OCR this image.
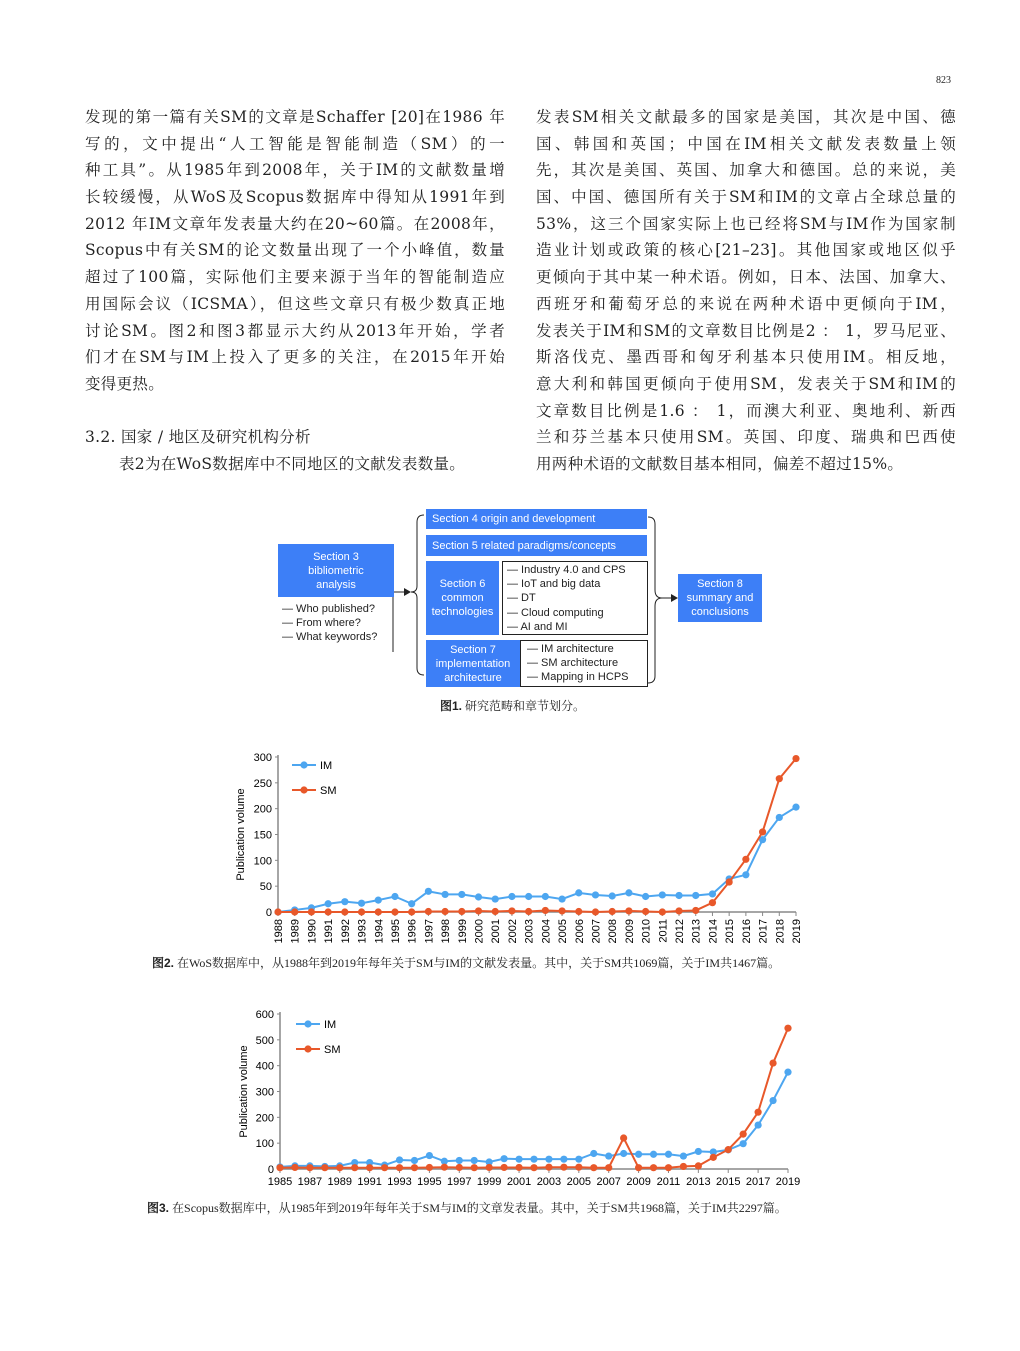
823
发现的第一篇有关SM的文章是Schaffer [20]在1986 年
写的，文中提出“人工智能是智能制造（SM）的一
种工具”。从1985年到2008年，关于IM的文献数量增
长较缓慢，从WoS及Scopus数据库中得知从1991年到
2012 年IM文章年发表量大约在20~60篇。在2008年，
Scopus中有关SM的论文数量出现了一个小峰值，数量
超过了100篇，实际他们主要来源于当年的智能制造应
用国际会议（ICSMA），但这些文章只有极少数真正地
讨论SM。图2和图3都显示大约从2013年开始，学者
们才在SM与IM上投入了更多的关注，在2015年开始
变得更热。
3.2. 国家 / 地区及研究机构分析
表2为在WoS数据库中不同地区的文献发表数量。
发表SM相关文献最多的国家是美国，其次是中国、德
国、韩国和英国；中国在IM相关文献发表数量上领
先，其次是美国、英国、加拿大和德国。总的来说，美
国、中国、德国所有关于SM和IM的文章占全球总量的
53%，这三个国家实际上也已经将SM与IM作为国家制
造业计划或政策的核心[21–23]。其他国家或地区似乎
更倾向于其中某一种术语。例如，日本、法国、加拿大、
西班牙和葡萄牙总的来说在两种术语中更倾向于IM，
发表关于IM和SM的文章数目比例是2 ： 1，罗马尼亚、
斯洛伐克、墨西哥和匈牙利基本只使用IM。相反地，
意大利和韩国更倾向于使用SM，发表关于SM和IM的
文章数目比例是1.6 ： 1，而澳大利亚、奥地利、新西
兰和芬兰基本只使用SM。英国、印度、瑞典和巴西使
用两种术语的文献数目基本相同，偏差不超过15%。
Section 3
bibliometric
analysis
— Who published?
— From where?
— What keywords?
Section 4 origin and development
Section 5 related paradigms/concepts
Section 6
common
technologies
— Industry 4.0 and CPS
— IoT and big data
— DT
— Cloud computing
— AI and MI
Section 7
implementation
architecture
— IM architecture
— SM architecture
— Mapping in HCPS
Section 8
summary and
conclusions
图1. 研究范畴和章节划分。
0
50
100
150
200
250
300
Publication volume
1988 1989 1990 1991 1992 1993 1994 1995 1996 1997 1998 1999 2000 2001 2002 2003 2004 2005 2006 2007 2008 2009 2010 2011 2012 2013 2014 2015 2016 2017 2018 2019
IM
SM
图2. 在WoS数据库中，从1988年到2019年每年关于SM与IM的文献发表量。其中，关于SM共1069篇，关于IM共1467篇。
0
100
200
300
400
500
600
Publication volume
1985 1987 1989 1991 1993 1995 1997 1999 2001 2003 2005 2007 2009 2011 2013 2015 2017 2019
IM
SM
图3. 在Scopus数据库中，从1985年到2019年每年关于SM与IM的文章发表量。其中，关于SM共1968篇，关于IM共2297篇。
